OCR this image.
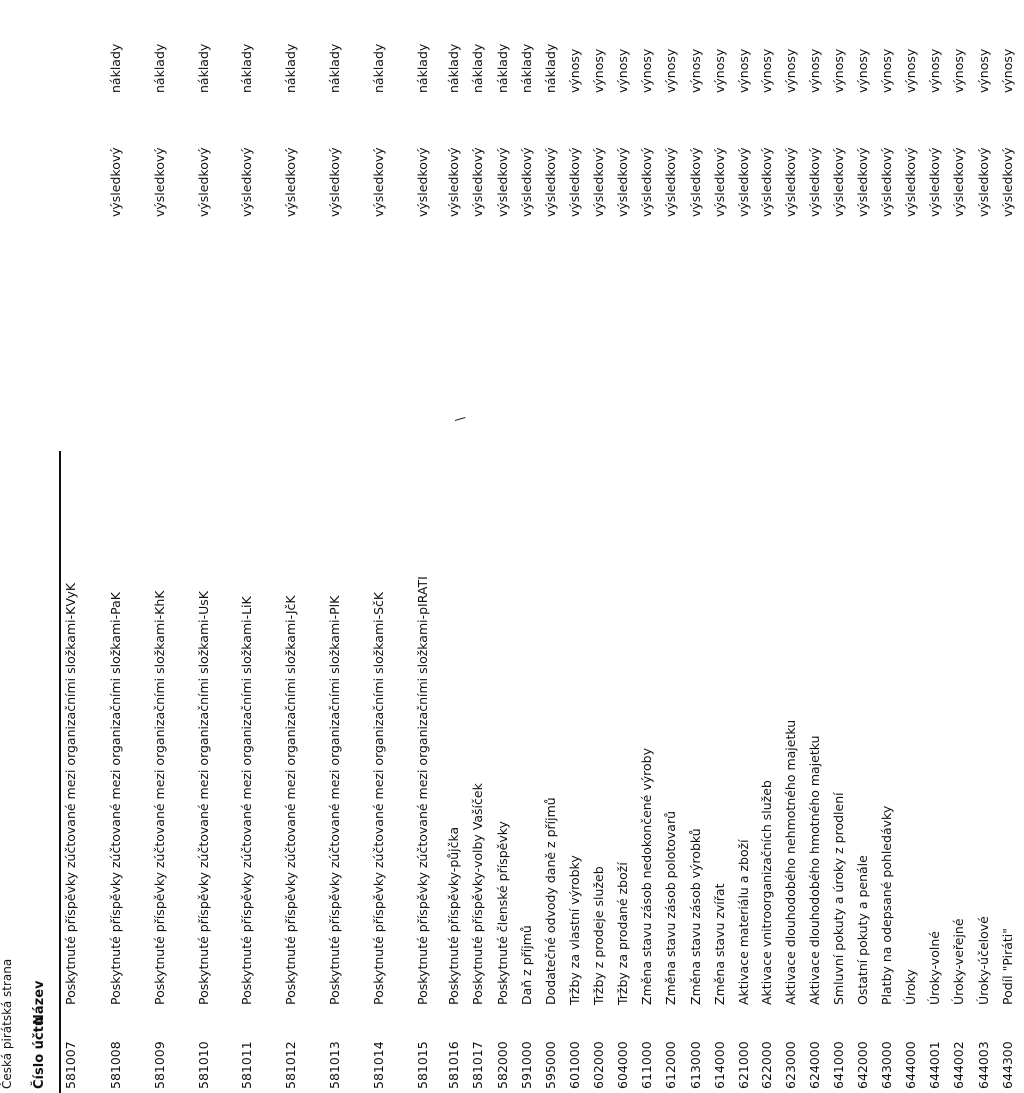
Česká pirátská strana Číslo účtu
Název
\
581007
Poskytnuté příspěvky zúčtované mezi organizačními složkami-KVyK
581008
Poskytnuté příspěvky zúčtované mezi organizačními složkami-PaK
výsledkový
náklady
581009
Poskytnuté příspěvky zúčtované mezi organizačními složkami-KhK
výsledkový
náklady
581010
Poskytnuté příspěvky zúčtované mezi organizačními složkami-UsK
výsledkový
náklady
581011
Poskytnuté příspěvky zúčtované mezi organizačními složkami-LiK
výsledkový
náklady
581012
Poskytnuté příspěvky zúčtované mezi organizačními složkami-JčK
výsledkový
náklady
581013
Poskytnuté příspěvky zúčtované mezi organizačními složkami-PlK
výsledkový
náklady
581014
Poskytnuté příspěvky zúčtované mezi organizačními složkami-SčK
výsledkový
náklady
581015
Poskytnuté příspěvky zúčtované mezi organizačními složkami-pIRATI
výsledkový
náklady
581016
Poskytnuté příspěvky-půjčka
výsledkový
náklady
581017
Poskytnuté příspěvky-volby Vašíček
výsledkový
náklady
582000
Poskytnuté členské příspěvky
výsledkový
náklady
591000
Daň z příjmů
výsledkový
náklady
595000
Dodatečné odvody daně z příjmů
výsledkový
náklady
601000
Tržby za vlastní výrobky
výsledkový
výnosy
602000
Tržby z prodeje služeb
výsledkový
výnosy
604000
Tržby za prodané zboží
výsledkový
výnosy
611000
Změna stavu zásob nedokončené výroby
výsledkový
výnosy
612000
Změna stavu zásob polotovarů
výsledkový
výnosy
613000
Změna stavu zásob výrobků
výsledkový
výnosy
614000
Změna stavu zvířat
výsledkový
výnosy
621000
Aktivace materiálu a zboží
výsledkový
výnosy
622000
Aktivace vnitroorganizačních služeb
výsledkový
výnosy
623000
Aktivace dlouhodobého nehmotného majetku
výsledkový
výnosy
624000
Aktivace dlouhodobého hmotného majetku
výsledkový
výnosy
641000
Smluvní pokuty a úroky z prodlení
výsledkový
výnosy
642000
Ostatní pokuty a penále
výsledkový
výnosy
643000
Platby na odepsané pohledávky
výsledkový
výnosy
644000
Úroky
výsledkový
výnosy
644001
Úroky-volné
výsledkový
výnosy
644002
Úroky-veřejné
výsledkový
výnosy
644003
Úroky-účelové
výsledkový
výnosy
644300
Podíl "Piráti"
výsledkový
výnosy
